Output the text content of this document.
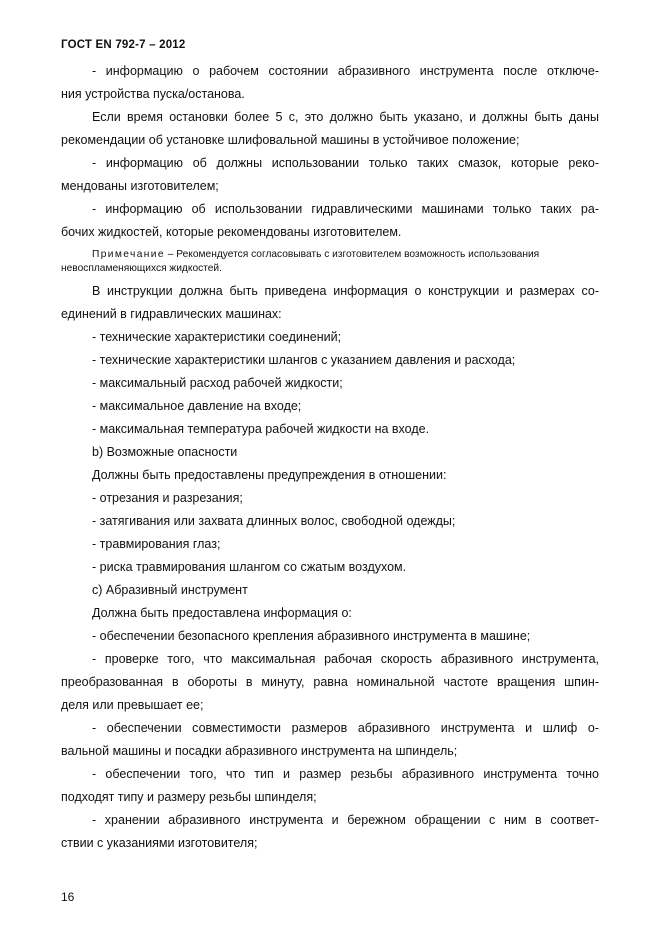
ГОСТ EN 792-7 – 2012
- информацию о рабочем состоянии абразивного инструмента после отключе-
ния устройства пуска/останова.
Если время остановки более 5 с, это должно быть указано, и должны быть даны
рекомендации об установке шлифовальной машины в устойчивое положение;
- информацию об должны использовании только таких смазок, которые реко-
мендованы изготовителем;
- информацию об использовании гидравлическими машинами только таких ра-
бочих жидкостей, которые рекомендованы изготовителем.
Примечание – Рекомендуется согласовывать с изготовителем возможность использования
невоспламеняющихся жидкостей.
В инструкции должна быть приведена информация о конструкции и размерах со-
единений в гидравлических машинах:
- технические характеристики соединений;
- технические характеристики шлангов с указанием давления и расхода;
- максимальный расход рабочей жидкости;
- максимальное давление на входе;
- максимальная температура рабочей жидкости на входе.
b) Возможные опасности
Должны быть предоставлены предупреждения в отношении:
- отрезания и разрезания;
- затягивания или захвата длинных волос, свободной одежды;
- травмирования глаз;
- риска травмирования шлангом со сжатым воздухом.
с) Абразивный инструмент
Должна быть предоставлена информация о:
- обеспечении безопасного крепления абразивного инструмента в машине;
- проверке того, что максимальная рабочая скорость абразивного инструмента,
преобразованная в обороты в минуту, равна номинальной частоте вращения шпин-
деля или превышает ее;
- обеспечении совместимости размеров абразивного инструмента и шлиф о-
вальной машины и посадки абразивного инструмента на шпиндель;
- обеспечении того, что тип и размер резьбы абразивного инструмента точно
подходят типу и размеру резьбы шпинделя;
- хранении абразивного инструмента и бережном обращении с ним в соответ-
ствии с указаниями изготовителя;
16
